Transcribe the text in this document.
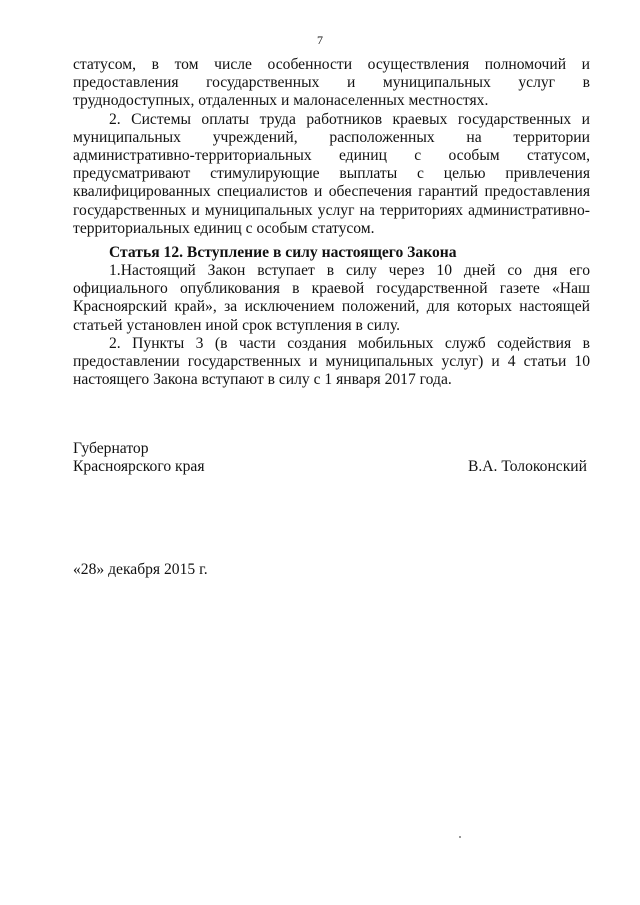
7

статусом, в том числе особенности осуществления полномочий и предоставления государственных и муниципальных услуг в труднодоступных, отдаленных и малонаселенных местностях.

2. Системы оплаты труда работников краевых государственных и муниципальных учреждений, расположенных на территории административно-территориальных единиц с особым статусом, предусматривают стимулирующие выплаты с целью привлечения квалифицированных специалистов и обеспечения гарантий предоставления государственных и муниципальных услуг на территориях административно-территориальных единиц с особым статусом.

Статья 12. Вступление в силу настоящего Закона

1.Настоящий Закон вступает в силу через 10 дней со дня его официального опубликования в краевой государственной газете «Наш Красноярский край», за исключением положений, для которых настоящей статьей установлен иной срок вступления в силу.

2. Пункты 3 (в части создания мобильных служб содействия в предоставлении государственных и муниципальных услуг) и 4 статьи 10 настоящего Закона вступают в силу с 1 января 2017 года.

Губернатор
Красноярского края	В.А. Толоконский
«28» декабря 2015 г.
